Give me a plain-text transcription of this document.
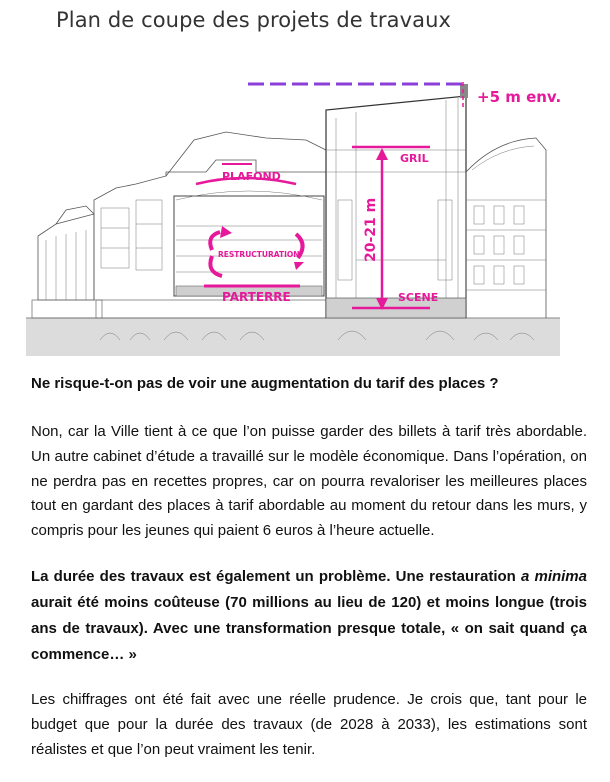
+5 m env.
PLAFOND
RESTRUCTURATION
PARTERRE
20-21 m
GRIL
SCENE
Plan de coupe des projets de travaux

Ne risque-t-on pas de voir une augmentation du tarif des places ?

Non, car la Ville tient à ce que l’on puisse garder des billets à tarif très abordable. Un autre cabinet d’étude a travaillé sur le modèle économique. Dans l’opération, on ne perdra pas en recettes propres, car on pourra revaloriser les meilleures places tout en gardant des places à tarif abordable au moment du retour dans les murs, y compris pour les jeunes qui paient 6 euros à l’heure actuelle.

La durée des travaux est également un problème. Une restauration a minima aurait été moins coûteuse (70 millions au lieu de 120) et moins longue (trois ans de travaux). Avec une transformation presque totale, « on sait quand ça commence… »

Les chiffrages ont été fait avec une réelle prudence. Je crois que, tant pour le budget que pour la durée des travaux (de 2028 à 2033), les estimations sont réalistes et que l’on peut vraiment les tenir.
